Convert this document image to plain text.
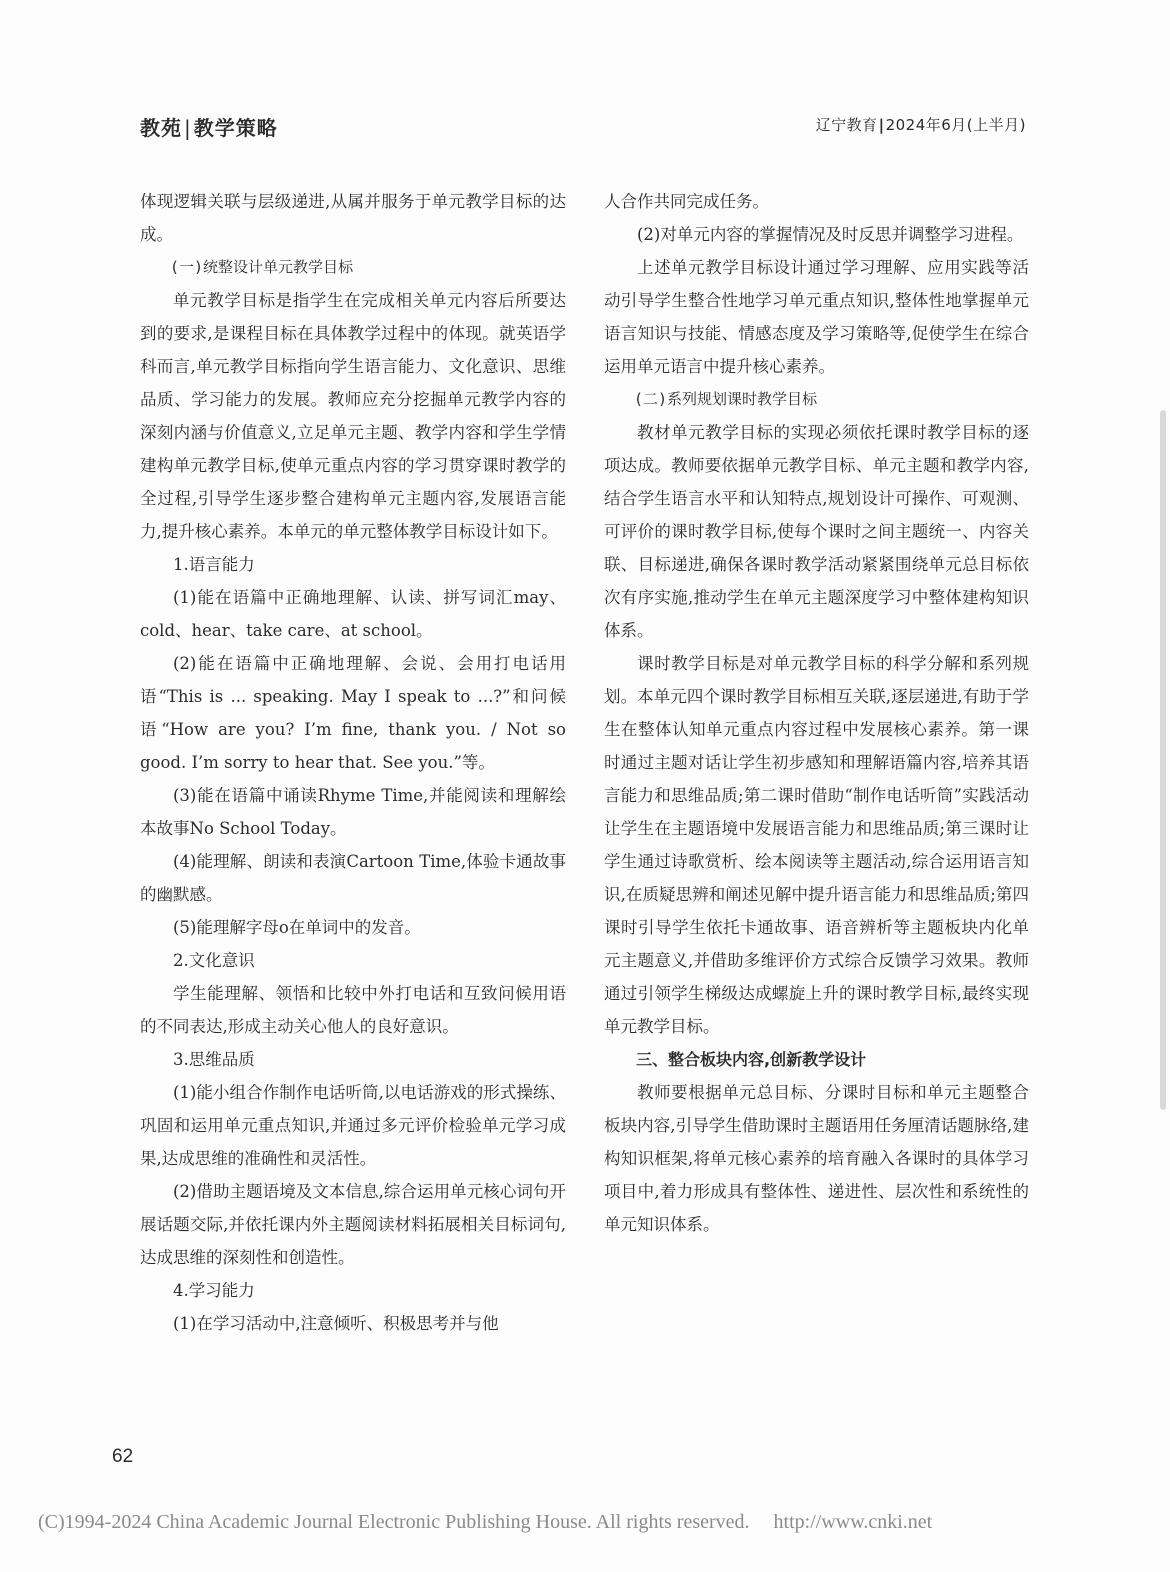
教苑 | 教学策略	辽宁教育|2024年6月(上半月)

体现逻辑关联与层级递进,从属并服务于单元教学目标的达成。

(一)统整设计单元教学目标

单元教学目标是指学生在完成相关单元内容后所要达到的要求,是课程目标在具体教学过程中的体现。就英语学科而言,单元教学目标指向学生语言能力、文化意识、思维品质、学习能力的发展。教师应充分挖掘单元教学内容的深刻内涵与价值意义,立足单元主题、教学内容和学生学情建构单元教学目标,使单元重点内容的学习贯穿课时教学的全过程,引导学生逐步整合建构单元主题内容,发展语言能力,提升核心素养。本单元的单元整体教学目标设计如下。

1.语言能力

(1)能在语篇中正确地理解、认读、拼写词汇may、cold、hear、take care、at school。

(2)能在语篇中正确地理解、会说、会用打电话用语“This is ... speaking. May I speak to ...?”和问候语“How are you? I’m fine, thank you. / Not so good. I’m sorry to hear that. See you.”等。

(3)能在语篇中诵读Rhyme Time,并能阅读和理解绘本故事No School Today。

(4)能理解、朗读和表演Cartoon Time,体验卡通故事的幽默感。

(5)能理解字母o在单词中的发音。

2.文化意识

学生能理解、领悟和比较中外打电话和互致问候用语的不同表达,形成主动关心他人的良好意识。

3.思维品质

(1)能小组合作制作电话听筒,以电话游戏的形式操练、巩固和运用单元重点知识,并通过多元评价检验单元学习成果,达成思维的准确性和灵活性。

(2)借助主题语境及文本信息,综合运用单元核心词句开展话题交际,并依托课内外主题阅读材料拓展相关目标词句,达成思维的深刻性和创造性。

4.学习能力

(1)在学习活动中,注意倾听、积极思考并与他

人合作共同完成任务。

(2)对单元内容的掌握情况及时反思并调整学习进程。

上述单元教学目标设计通过学习理解、应用实践等活动引导学生整合性地学习单元重点知识,整体性地掌握单元语言知识与技能、情感态度及学习策略等,促使学生在综合运用单元语言中提升核心素养。

(二)系列规划课时教学目标

教材单元教学目标的实现必须依托课时教学目标的逐项达成。教师要依据单元教学目标、单元主题和教学内容,结合学生语言水平和认知特点,规划设计可操作、可观测、可评价的课时教学目标,使每个课时之间主题统一、内容关联、目标递进,确保各课时教学活动紧紧围绕单元总目标依次有序实施,推动学生在单元主题深度学习中整体建构知识体系。

课时教学目标是对单元教学目标的科学分解和系列规划。本单元四个课时教学目标相互关联,逐层递进,有助于学生在整体认知单元重点内容过程中发展核心素养。第一课时通过主题对话让学生初步感知和理解语篇内容,培养其语言能力和思维品质;第二课时借助“制作电话听筒”实践活动让学生在主题语境中发展语言能力和思维品质;第三课时让学生通过诗歌赏析、绘本阅读等主题活动,综合运用语言知识,在质疑思辨和阐述见解中提升语言能力和思维品质;第四课时引导学生依托卡通故事、语音辨析等主题板块内化单元主题意义,并借助多维评价方式综合反馈学习效果。教师通过引领学生梯级达成螺旋上升的课时教学目标,最终实现单元教学目标。

三、整合板块内容,创新教学设计

教师要根据单元总目标、分课时目标和单元主题整合板块内容,引导学生借助课时主题语用任务厘清话题脉络,建构知识框架,将单元核心素养的培育融入各课时的具体学习项目中,着力形成具有整体性、递进性、层次性和系统性的单元知识体系。

62
(C)1994-2024 China Academic Journal Electronic Publishing House. All rights reserved. http://www.cnki.net
